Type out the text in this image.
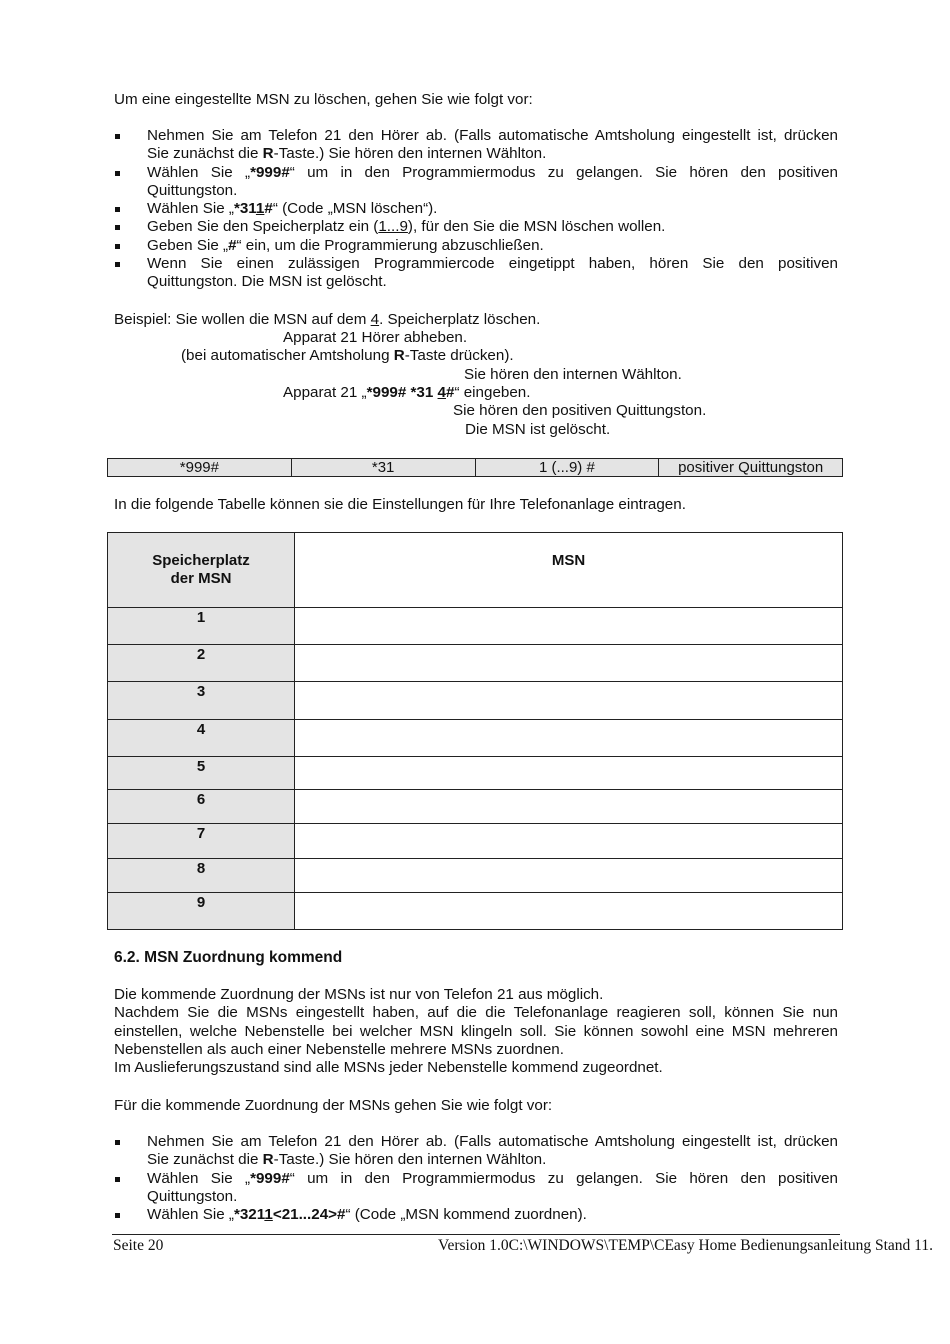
Um eine eingestellte MSN zu löschen, gehen Sie wie folgt vor:
Nehmen Sie am Telefon 21 den Hörer ab. (Falls automatische Amtsholung eingestellt ist, drücken
Sie zunächst die R-Taste.) Sie hören den internen Wählton.
Wählen Sie „*999#“ um in den Programmiermodus zu gelangen. Sie hören den positiven
Quittungston.
Wählen Sie „*311#“ (Code „MSN löschen“).
Geben Sie den Speicherplatz ein (1...9), für den Sie die MSN löschen wollen.
Geben Sie „#“ ein, um die Programmierung abzuschließen.
Wenn Sie einen zulässigen Programmiercode eingetippt haben, hören Sie den positiven
Quittungston. Die MSN ist gelöscht.
Beispiel: Sie wollen die MSN auf dem 4. Speicherplatz löschen.
Apparat 21 Hörer abheben.
(bei automatischer Amtsholung R-Taste drücken).
Sie hören den internen Wählton.
Apparat 21 „*999# *31 4#“ eingeben.
Sie hören den positiven Quittungston.
Die MSN ist gelöscht.
*999#	*31	1 (...9) #	positiver Quittungston
In die folgende Tabelle können sie die Einstellungen für Ihre Telefonanlage eintragen.
Speicherplatz
der MSN	MSN
1	
2	
3	
4	
5	
6	
7	
8	
9	
6.2. MSN Zuordnung kommend

Die kommende Zuordnung der MSNs ist nur von Telefon 21 aus möglich.

Nachdem Sie die MSNs eingestellt haben, auf die die Telefonanlage reagieren soll, können Sie nun

einstellen, welche Nebenstelle bei welcher MSN klingeln soll. Sie können sowohl eine MSN mehreren

Nebenstellen als auch einer Nebenstelle mehrere MSNs zuordnen.

Im Auslieferungszustand sind alle MSNs jeder Nebenstelle kommend zugeordnet.

Für die kommende Zuordnung der MSNs gehen Sie wie folgt vor:
Nehmen Sie am Telefon 21 den Hörer ab. (Falls automatische Amtsholung eingestellt ist, drücken
Sie zunächst die R-Taste.) Sie hören den internen Wählton.
Wählen Sie „*999#“ um in den Programmiermodus zu gelangen. Sie hören den positiven
Quittungston.
Wählen Sie „*3211<21...24>#“ (Code „MSN kommend zuordnen).
Seite 20	Version 1.0C:\WINDOWS\TEMP\CEasy Home Bedienungsanleitung Stand 11.
